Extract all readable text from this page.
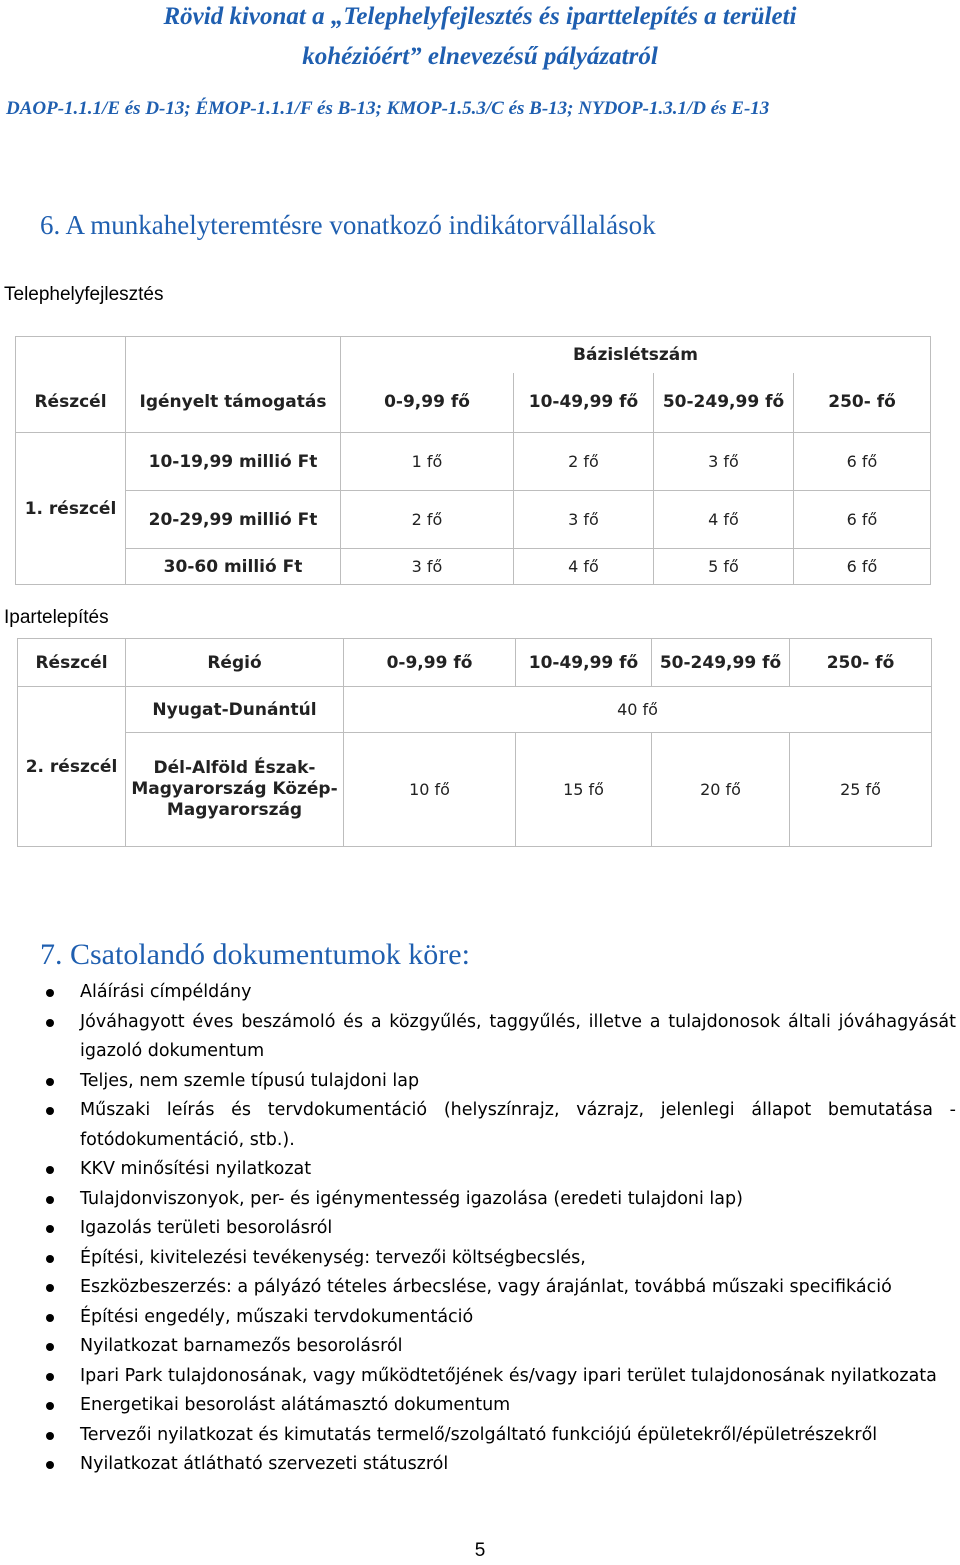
Rövid kivonat a „Telephelyfejlesztés és iparttelepítés a területi
kohézióért” elnevezésű pályázatról
DAOP-1.1.1/E és D-13; ÉMOP-1.1.1/F és B-13; KMOP-1.5.3/C és B-13; NYDOP-1.3.1/D és E-13
6. A munkahelyteremtésre vonatkozó indikátorvállalások
Telephelyfejlesztés
		Bázislétszám			
Részcél	Igényelt támogatás	0-9,99 fő	10-49,99 fő	50-249,99 fő	250- fő
1. részcél	10-19,99 millió Ft	1 fő	2 fő	3 fő	6 fő
	20-29,99 millió Ft	2 fő	3 fő	4 fő	6 fő
	30-60 millió Ft	3 fő	4 fő	5 fő	6 fő
Ipartelepítés
Részcél	Régió	0-9,99 fő	10-49,99 fő	50-249,99 fő	250- fő
2. részcél	Nyugat-Dunántúl	40 fő			
	Dél-Alföld Észak-Magyarország Közép-Magyarország	10 fő	15 fő	20 fő	25 fő
7. Csatolandó dokumentumok köre:
Aláírási címpéldány
Jóváhagyott éves beszámoló és a közgyűlés, taggyűlés, illetve a tulajdonosok általi jóváhagyását igazoló dokumentum
Teljes, nem szemle típusú tulajdoni lap
Műszaki leírás és tervdokumentáció (helyszínrajz, vázrajz, jelenlegi állapot bemutatása - fotódokumentáció, stb.).
KKV minősítési nyilatkozat
Tulajdonviszonyok, per- és igénymentesség igazolása (eredeti tulajdoni lap)
Igazolás területi besorolásról
Építési, kivitelezési tevékenység: tervezői költségbecslés,
Eszközbeszerzés: a pályázó tételes árbecslése, vagy árajánlat, továbbá műszaki specifikáció
Építési engedély, műszaki tervdokumentáció
Nyilatkozat barnamezős besorolásról
Ipari Park tulajdonosának, vagy működtetőjének és/vagy ipari terület tulajdonosának nyilatkozata
Energetikai besorolást alátámasztó dokumentum
Tervezői nyilatkozat és kimutatás termelő/szolgáltató funkciójú épületekről/épületrészekről
Nyilatkozat átlátható szervezeti státuszról
5
